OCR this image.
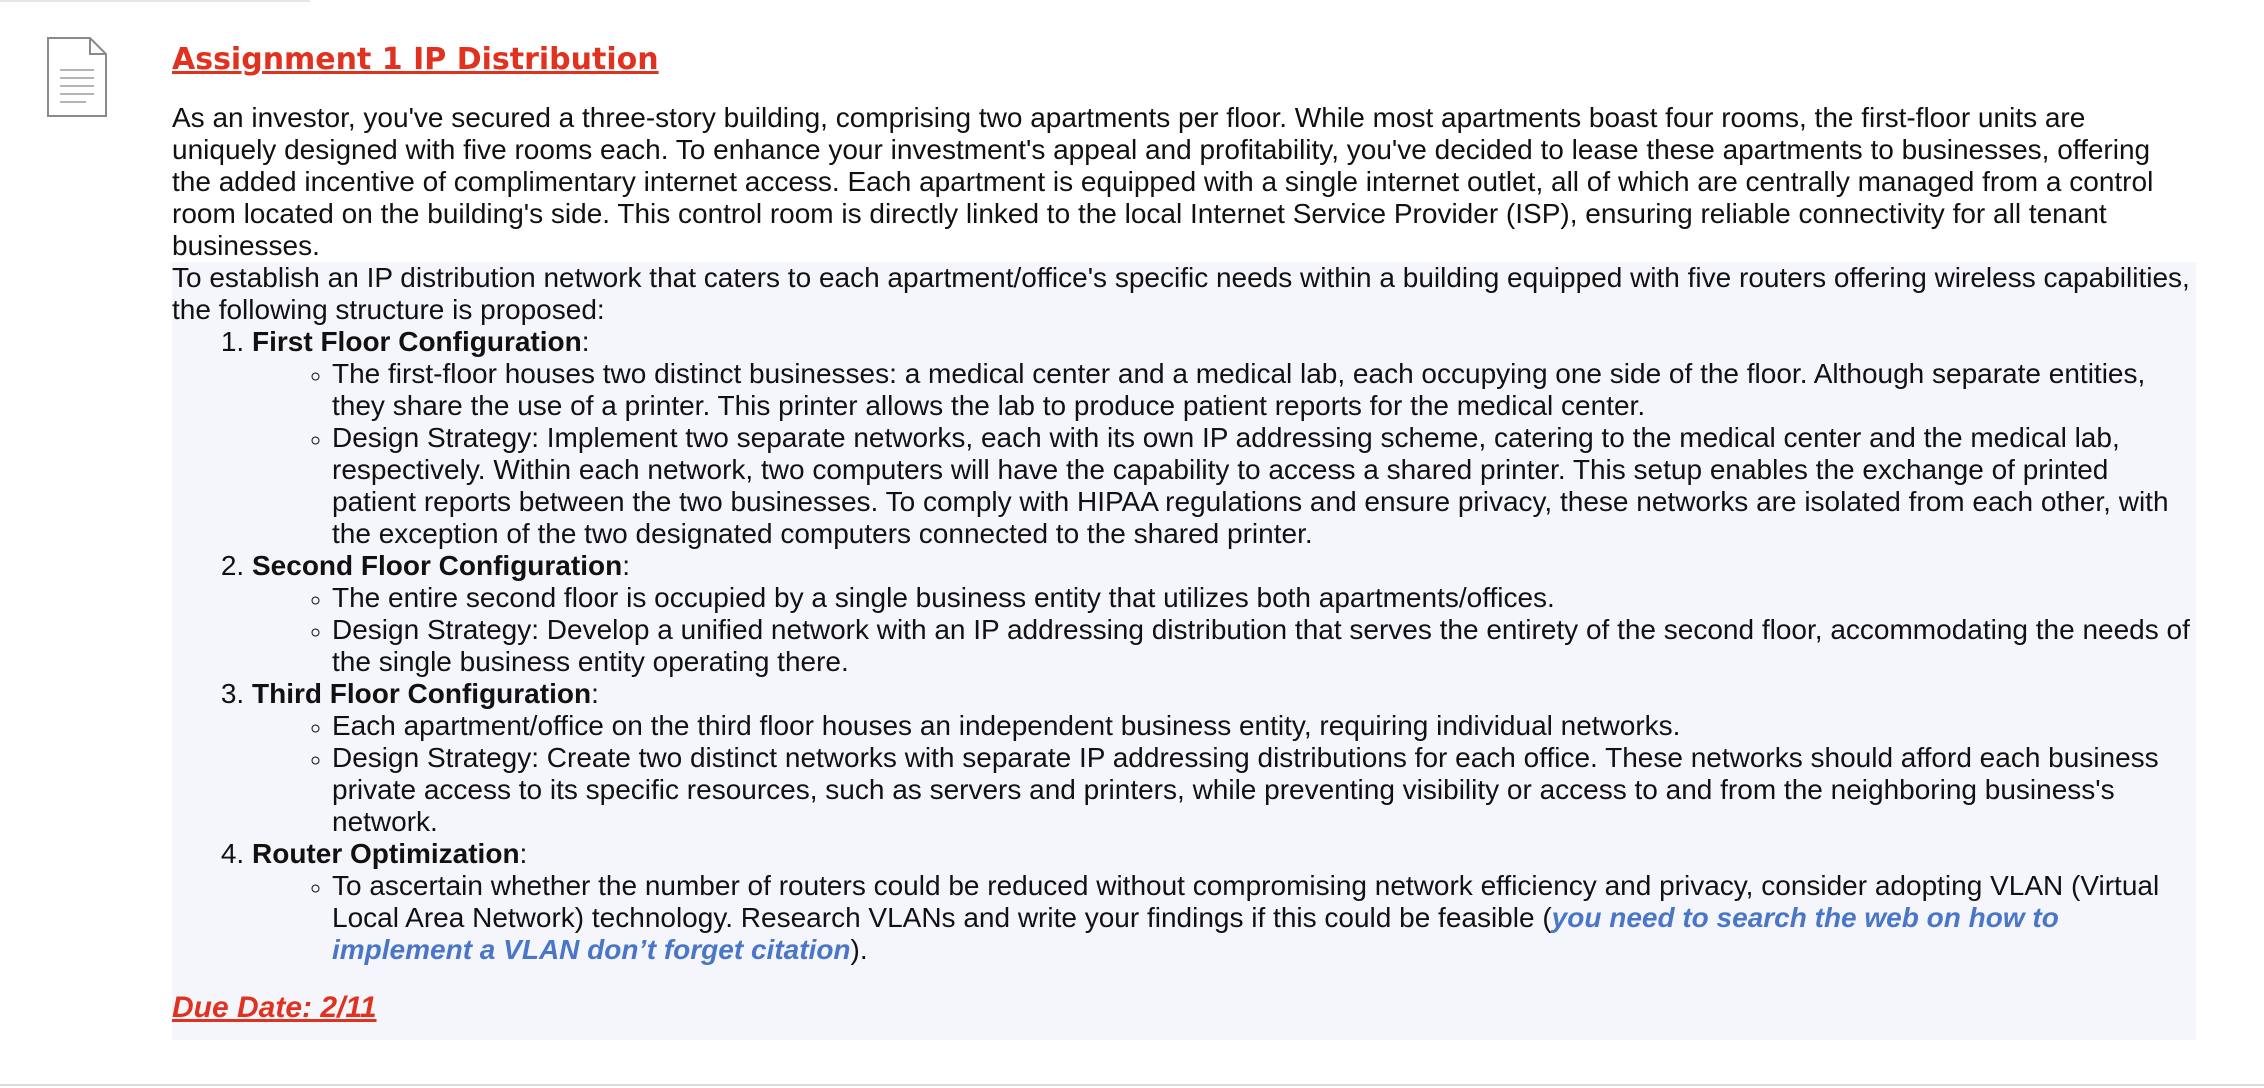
Assignment 1 IP Distribution

As an investor, you've secured a three-story building, comprising two apartments per floor. While most apartments boast four rooms, the first-floor units are uniquely designed with five rooms each. To enhance your investment's appeal and profitability, you've decided to lease these apartments to businesses, offering the added incentive of complimentary internet access. Each apartment is equipped with a single internet outlet, all of which are centrally managed from a control room located on the building's side. This control room is directly linked to the local Internet Service Provider (ISP), ensuring reliable connectivity for all tenant businesses.

To establish an IP distribution network that caters to each apartment/office's specific needs within a building equipped with five routers offering wireless capabilities, the following structure is proposed:

1. First Floor Configuration:
◦ The first-floor houses two distinct businesses: a medical center and a medical lab, each occupying one side of the floor. Although separate entities, they share the use of a printer. This printer allows the lab to produce patient reports for the medical center.
◦ Design Strategy: Implement two separate networks, each with its own IP addressing scheme, catering to the medical center and the medical lab, respectively. Within each network, two computers will have the capability to access a shared printer. This setup enables the exchange of printed patient reports between the two businesses. To comply with HIPAA regulations and ensure privacy, these networks are isolated from each other, with the exception of the two designated computers connected to the shared printer.
2. Second Floor Configuration:
◦ The entire second floor is occupied by a single business entity that utilizes both apartments/offices.
◦ Design Strategy: Develop a unified network with an IP addressing distribution that serves the entirety of the second floor, accommodating the needs of the single business entity operating there.
3. Third Floor Configuration:
◦ Each apartment/office on the third floor houses an independent business entity, requiring individual networks.
◦ Design Strategy: Create two distinct networks with separate IP addressing distributions for each office. These networks should afford each business private access to its specific resources, such as servers and printers, while preventing visibility or access to and from the neighboring business's network.
4. Router Optimization:
◦ To ascertain whether the number of routers could be reduced without compromising network efficiency and privacy, consider adopting VLAN (Virtual Local Area Network) technology. Research VLANs and write your findings if this could be feasible (you need to search the web on how to implement a VLAN don’t forget citation).

Due Date: 2/11
